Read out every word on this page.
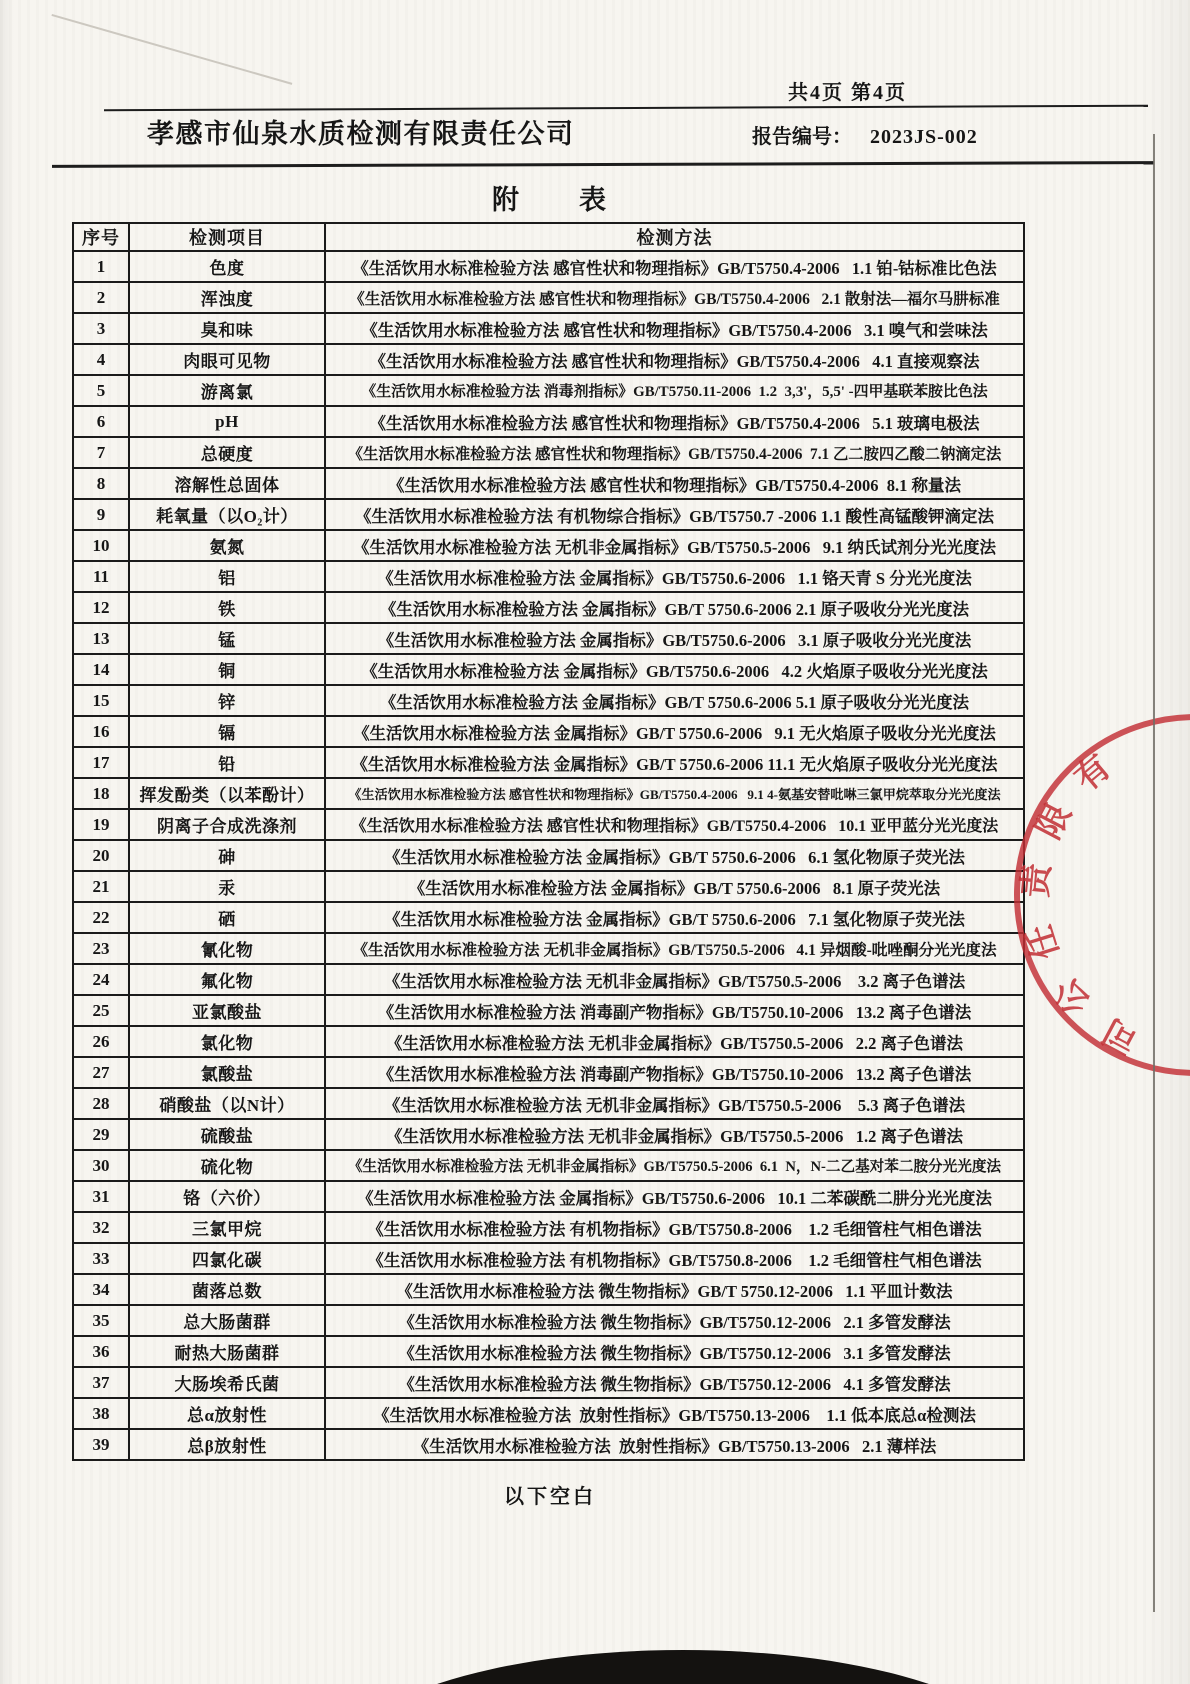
共4页 第4页
孝感市仙泉水质检测有限责任公司	报告编号： 2023JS-002
附　　表
序号	检测项目	检测方法
1	色度	《生活饮用水标准检验方法 感官性状和物理指标》GB/T5750.4-2006   1.1 铂-钴标准比色法
2	浑浊度	《生活饮用水标准检验方法 感官性状和物理指标》GB/T5750.4-2006   2.1 散射法—福尔马肼标准
3	臭和味	《生活饮用水标准检验方法 感官性状和物理指标》GB/T5750.4-2006   3.1 嗅气和尝味法
4	肉眼可见物	《生活饮用水标准检验方法 感官性状和物理指标》GB/T5750.4-2006   4.1 直接观察法
5	游离氯	《生活饮用水标准检验方法 消毒剂指标》GB/T5750.11-2006  1.2  3,3'，5,5' -四甲基联苯胺比色法
6	pH	《生活饮用水标准检验方法 感官性状和物理指标》GB/T5750.4-2006   5.1 玻璃电极法
7	总硬度	《生活饮用水标准检验方法 感官性状和物理指标》GB/T5750.4-2006  7.1 乙二胺四乙酸二钠滴定法
8	溶解性总固体	《生活饮用水标准检验方法 感官性状和物理指标》GB/T5750.4-2006  8.1 称量法
9	耗氧量（以O₂计）	《生活饮用水标准检验方法 有机物综合指标》GB/T5750.7 -2006 1.1 酸性高锰酸钾滴定法
10	氨氮	《生活饮用水标准检验方法 无机非金属指标》GB/T5750.5-2006   9.1 纳氏试剂分光光度法
11	铝	《生活饮用水标准检验方法 金属指标》GB/T5750.6-2006   1.1 铬天青 S 分光光度法
12	铁	《生活饮用水标准检验方法 金属指标》GB/T 5750.6-2006 2.1 原子吸收分光光度法
13	锰	《生活饮用水标准检验方法 金属指标》GB/T5750.6-2006   3.1 原子吸收分光光度法
14	铜	《生活饮用水标准检验方法 金属指标》GB/T5750.6-2006   4.2 火焰原子吸收分光光度法
15	锌	《生活饮用水标准检验方法 金属指标》GB/T 5750.6-2006 5.1 原子吸收分光光度法
16	镉	《生活饮用水标准检验方法 金属指标》GB/T 5750.6-2006   9.1 无火焰原子吸收分光光度法
17	铅	《生活饮用水标准检验方法 金属指标》GB/T 5750.6-2006 11.1 无火焰原子吸收分光光度法
18	挥发酚类（以苯酚计）	《生活饮用水标准检验方法 感官性状和物理指标》GB/T5750.4-2006   9.1 4-氨基安替吡啉三氯甲烷萃取分光光度法
19	阴离子合成洗涤剂	《生活饮用水标准检验方法 感官性状和物理指标》GB/T5750.4-2006   10.1 亚甲蓝分光光度法
20	砷	《生活饮用水标准检验方法 金属指标》GB/T 5750.6-2006   6.1 氢化物原子荧光法
21	汞	《生活饮用水标准检验方法 金属指标》GB/T 5750.6-2006   8.1 原子荧光法
22	硒	《生活饮用水标准检验方法 金属指标》GB/T 5750.6-2006   7.1 氢化物原子荧光法
23	氰化物	《生活饮用水标准检验方法 无机非金属指标》GB/T5750.5-2006   4.1 异烟酸-吡唑酮分光光度法
24	氟化物	《生活饮用水标准检验方法 无机非金属指标》GB/T5750.5-2006    3.2 离子色谱法
25	亚氯酸盐	《生活饮用水标准检验方法 消毒副产物指标》GB/T5750.10-2006   13.2 离子色谱法
26	氯化物	《生活饮用水标准检验方法 无机非金属指标》GB/T5750.5-2006   2.2 离子色谱法
27	氯酸盐	《生活饮用水标准检验方法 消毒副产物指标》GB/T5750.10-2006   13.2 离子色谱法
28	硝酸盐（以N计）	《生活饮用水标准检验方法 无机非金属指标》GB/T5750.5-2006    5.3 离子色谱法
29	硫酸盐	《生活饮用水标准检验方法 无机非金属指标》GB/T5750.5-2006   1.2 离子色谱法
30	硫化物	《生活饮用水标准检验方法 无机非金属指标》GB/T5750.5-2006  6.1  N，N-二乙基对苯二胺分光光度法
31	铬（六价）	《生活饮用水标准检验方法 金属指标》GB/T5750.6-2006   10.1 二苯碳酰二肼分光光度法
32	三氯甲烷	《生活饮用水标准检验方法 有机物指标》GB/T5750.8-2006    1.2 毛细管柱气相色谱法
33	四氯化碳	《生活饮用水标准检验方法 有机物指标》GB/T5750.8-2006    1.2 毛细管柱气相色谱法
34	菌落总数	《生活饮用水标准检验方法 微生物指标》GB/T 5750.12-2006   1.1 平皿计数法
35	总大肠菌群	《生活饮用水标准检验方法 微生物指标》GB/T5750.12-2006   2.1 多管发酵法
36	耐热大肠菌群	《生活饮用水标准检验方法 微生物指标》GB/T5750.12-2006   3.1 多管发酵法
37	大肠埃希氏菌	《生活饮用水标准检验方法 微生物指标》GB/T5750.12-2006   4.1 多管发酵法
38	总α放射性	《生活饮用水标准检验方法  放射性指标》GB/T5750.13-2006    1.1 低本底总α检测法
39	总β放射性	《生活饮用水标准检验方法  放射性指标》GB/T5750.13-2006   2.1 薄样法
以下空白
有
限
责
任
公
司
